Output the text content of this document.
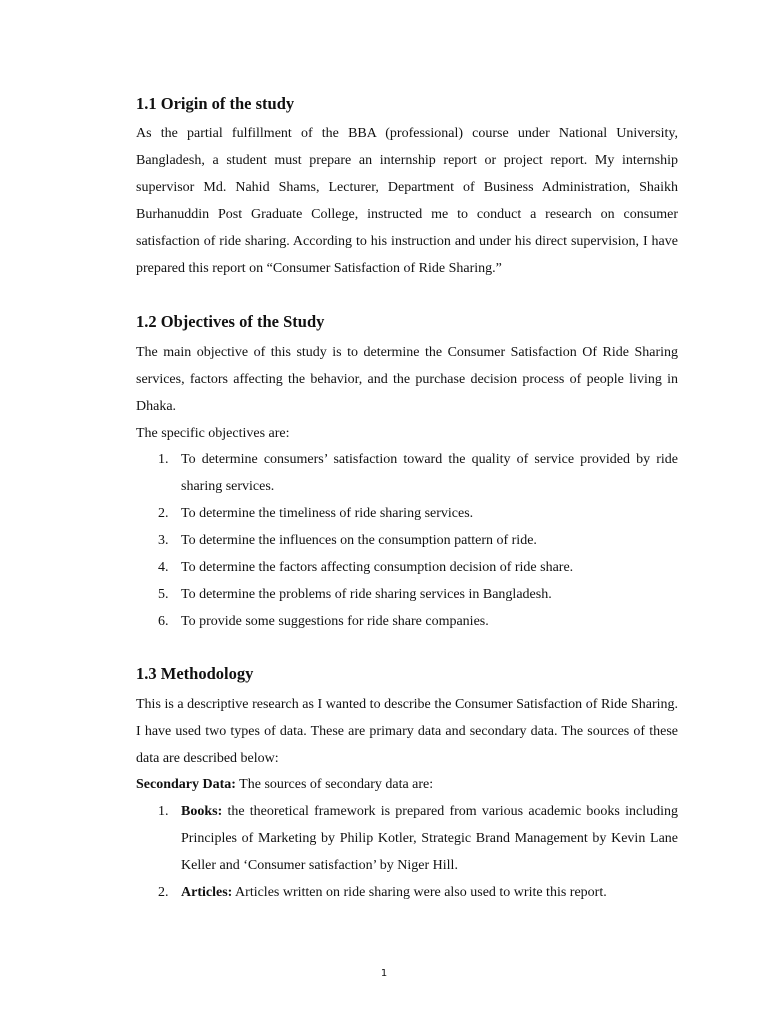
1.1 Origin of the study

As the partial fulfillment of the BBA (professional) course under National University, Bangladesh, a student must prepare an internship report or project report. My internship supervisor Md. Nahid Shams, Lecturer, Department of Business Administration, Shaikh Burhanuddin Post Graduate College, instructed me to conduct a research on consumer satisfaction of ride sharing. According to his instruction and under his direct supervision, I have prepared this report on “Consumer Satisfaction of Ride Sharing.”

1.2 Objectives of the Study

The main objective of this study is to determine the Consumer Satisfaction Of Ride Sharing services, factors affecting the behavior, and the purchase decision process of people living in Dhaka.

The specific objectives are:

1. To determine consumers’ satisfaction toward the quality of service provided by ride sharing services.
2. To determine the timeliness of ride sharing services.
3. To determine the influences on the consumption pattern of ride.
4. To determine the factors affecting consumption decision of ride share.
5. To determine the problems of ride sharing services in Bangladesh.
6. To provide some suggestions for ride share companies.
1.3 Methodology

This is a descriptive research as I wanted to describe the Consumer Satisfaction of Ride Sharing. I have used two types of data. These are primary data and secondary data. The sources of these data are described below:

Secondary Data: The sources of secondary data are:

1. Books: the theoretical framework is prepared from various academic books including Principles of Marketing by Philip Kotler, Strategic Brand Management by Kevin Lane Keller and ‘Consumer satisfaction’ by Niger Hill.
2. Articles: Articles written on ride sharing were also used to write this report.
1
